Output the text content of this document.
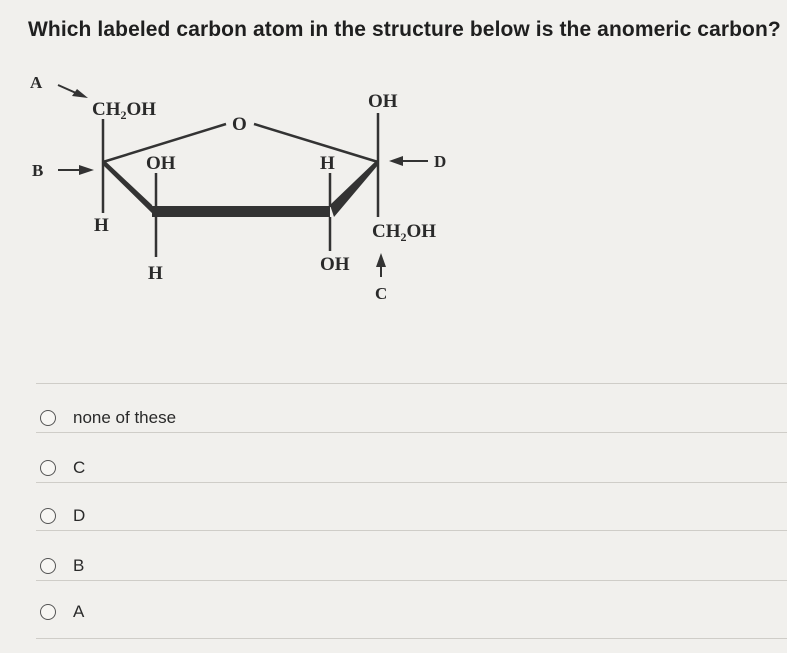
Which labeled carbon atom in the structure below is the anomeric carbon?
$CH_2OH$
O
OH
OH	H
H
H	OH
$CH_2OH$
A
B	D
C
none of these
C
D
B
A
